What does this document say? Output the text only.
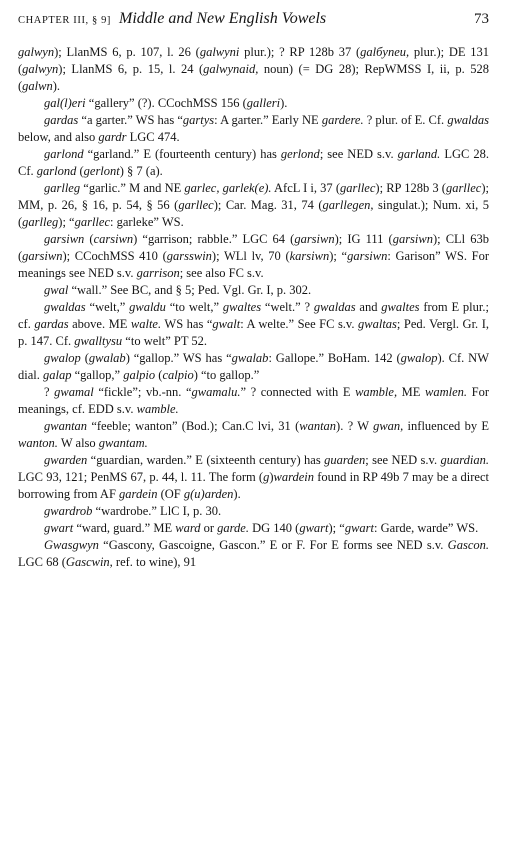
CHAPTER III, § 9] Middle and New English Vowels	73

galwyn); LlanMS 6, p. 107, l. 26 (galwyni plur.); ? RP 128b 37 (galбyneu, plur.); DE 131 (galwyn); LlanMS 6, p. 15, l. 24 (galwynaid, noun) (= DG 28); RepWMSS I, ii, p. 528 (galwn).

gal(l)eri “gallery” (?). CCochMSS 156 (galleri).

gardas “a garter.” WS has “gartys: A garter.” Early NE gardere. ? plur. of E. Cf. gwaldas below, and also gardr LGC 474.

garlond “garland.” E (fourteenth century) has gerlond; see NED s.v. garland. LGC 28. Cf. garlond (gerlont) § 7 (a).

garlleg “garlic.” M and NE garlec, garlek(e). AfcL I i, 37 (garllec); RP 128b 3 (garllec); MM, p. 26, § 16, p. 54, § 56 (garllec); Car. Mag. 31, 74 (garllegen, singulat.); Num. xi, 5 (garlleg); “garllec: garleke” WS.

garsiwn (carsiwn) “garrison; rabble.” LGC 64 (garsiwn); IG 111 (garsiwn); CLl 63b (garsiwn); CCochMSS 410 (garsswin); WLl lv, 70 (karsiwn); “garsiwn: Garison” WS. For meanings see NED s.v. garrison; see also FC s.v.

gwal “wall.” See BC, and § 5; Ped. Vgl. Gr. I, p. 302.

gwaldas “welt,” gwaldu “to welt,” gwaltes “welt.” ? gwaldas and gwaltes from E plur.; cf. gardas above. ME walte. WS has “gwalt: A welte.” See FC s.v. gwaltas; Ped. Vergl. Gr. I, p. 147. Cf. gwalltysu “to welt” PT 52.

gwalop (gwalab) “gallop.” WS has “gwalab: Gallope.” BoHam. 142 (gwalop). Cf. NW dial. galap “gallop,” galpio (calpio) “to gallop.”

? gwamal “fickle”; vb.-nn. “gwamalu.” ? connected with E wamble, ME wamlen. For meanings, cf. EDD s.v. wamble.

gwantan “feeble; wanton” (Bod.); Can.C lvi, 31 (wantan). ? W gwan, influenced by E wanton. W also gwantam.

gwarden “guardian, warden.” E (sixteenth century) has guarden; see NED s.v. guardian. LGC 93, 121; PenMS 67, p. 44, l. 11. The form (g)wardein found in RP 49b 7 may be a direct borrowing from AF gardein (OF g(u)arden).

gwardrob “wardrobe.” LlC I, p. 30.

gwart “ward, guard.” ME ward or garde. DG 140 (gwart); “gwart: Garde, warde” WS.

Gwasgwyn “Gascony, Gascoigne, Gascon.” E or F. For E forms see NED s.v. Gascon. LGC 68 (Gascwin, ref. to wine), 91
